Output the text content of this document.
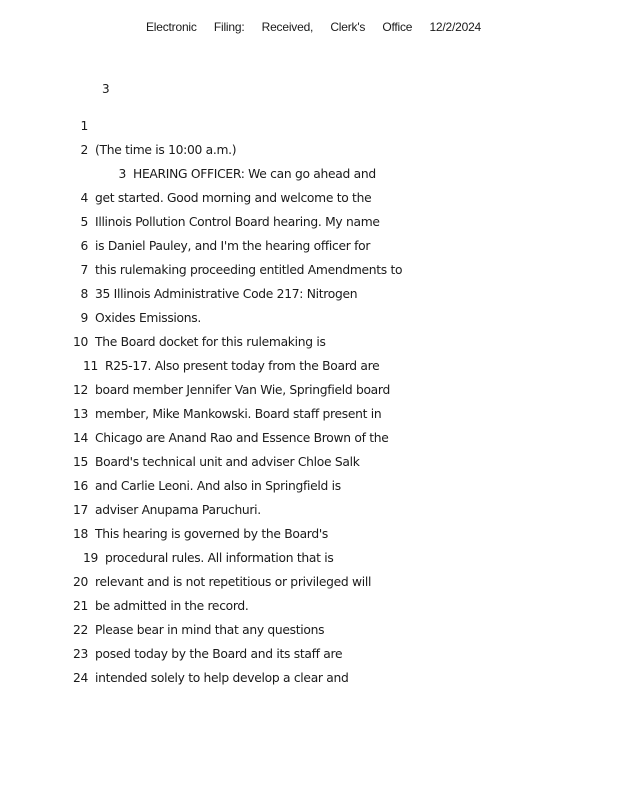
Electronic Filing: Received, Clerk's Office 12/2/2024
3
1
2 (The time is 10:00 a.m.)
3 HEARING OFFICER: We can go ahead and
4 get started. Good morning and welcome to the
5 Illinois Pollution Control Board hearing. My name
6 is Daniel Pauley, and I'm the hearing officer for
7 this rulemaking proceeding entitled Amendments to
8 35 Illinois Administrative Code 217: Nitrogen
9 Oxides Emissions.
10 The Board docket for this rulemaking is
11 R25-17. Also present today from the Board are
12 board member Jennifer Van Wie, Springfield board
13 member, Mike Mankowski. Board staff present in
14 Chicago are Anand Rao and Essence Brown of the
15 Board's technical unit and adviser Chloe Salk
16 and Carlie Leoni. And also in Springfield is
17 adviser Anupama Paruchuri.
18 This hearing is governed by the Board's
19 procedural rules. All information that is
20 relevant and is not repetitious or privileged will
21 be admitted in the record.
22 Please bear in mind that any questions
23 posed today by the Board and its staff are
24 intended solely to help develop a clear and
